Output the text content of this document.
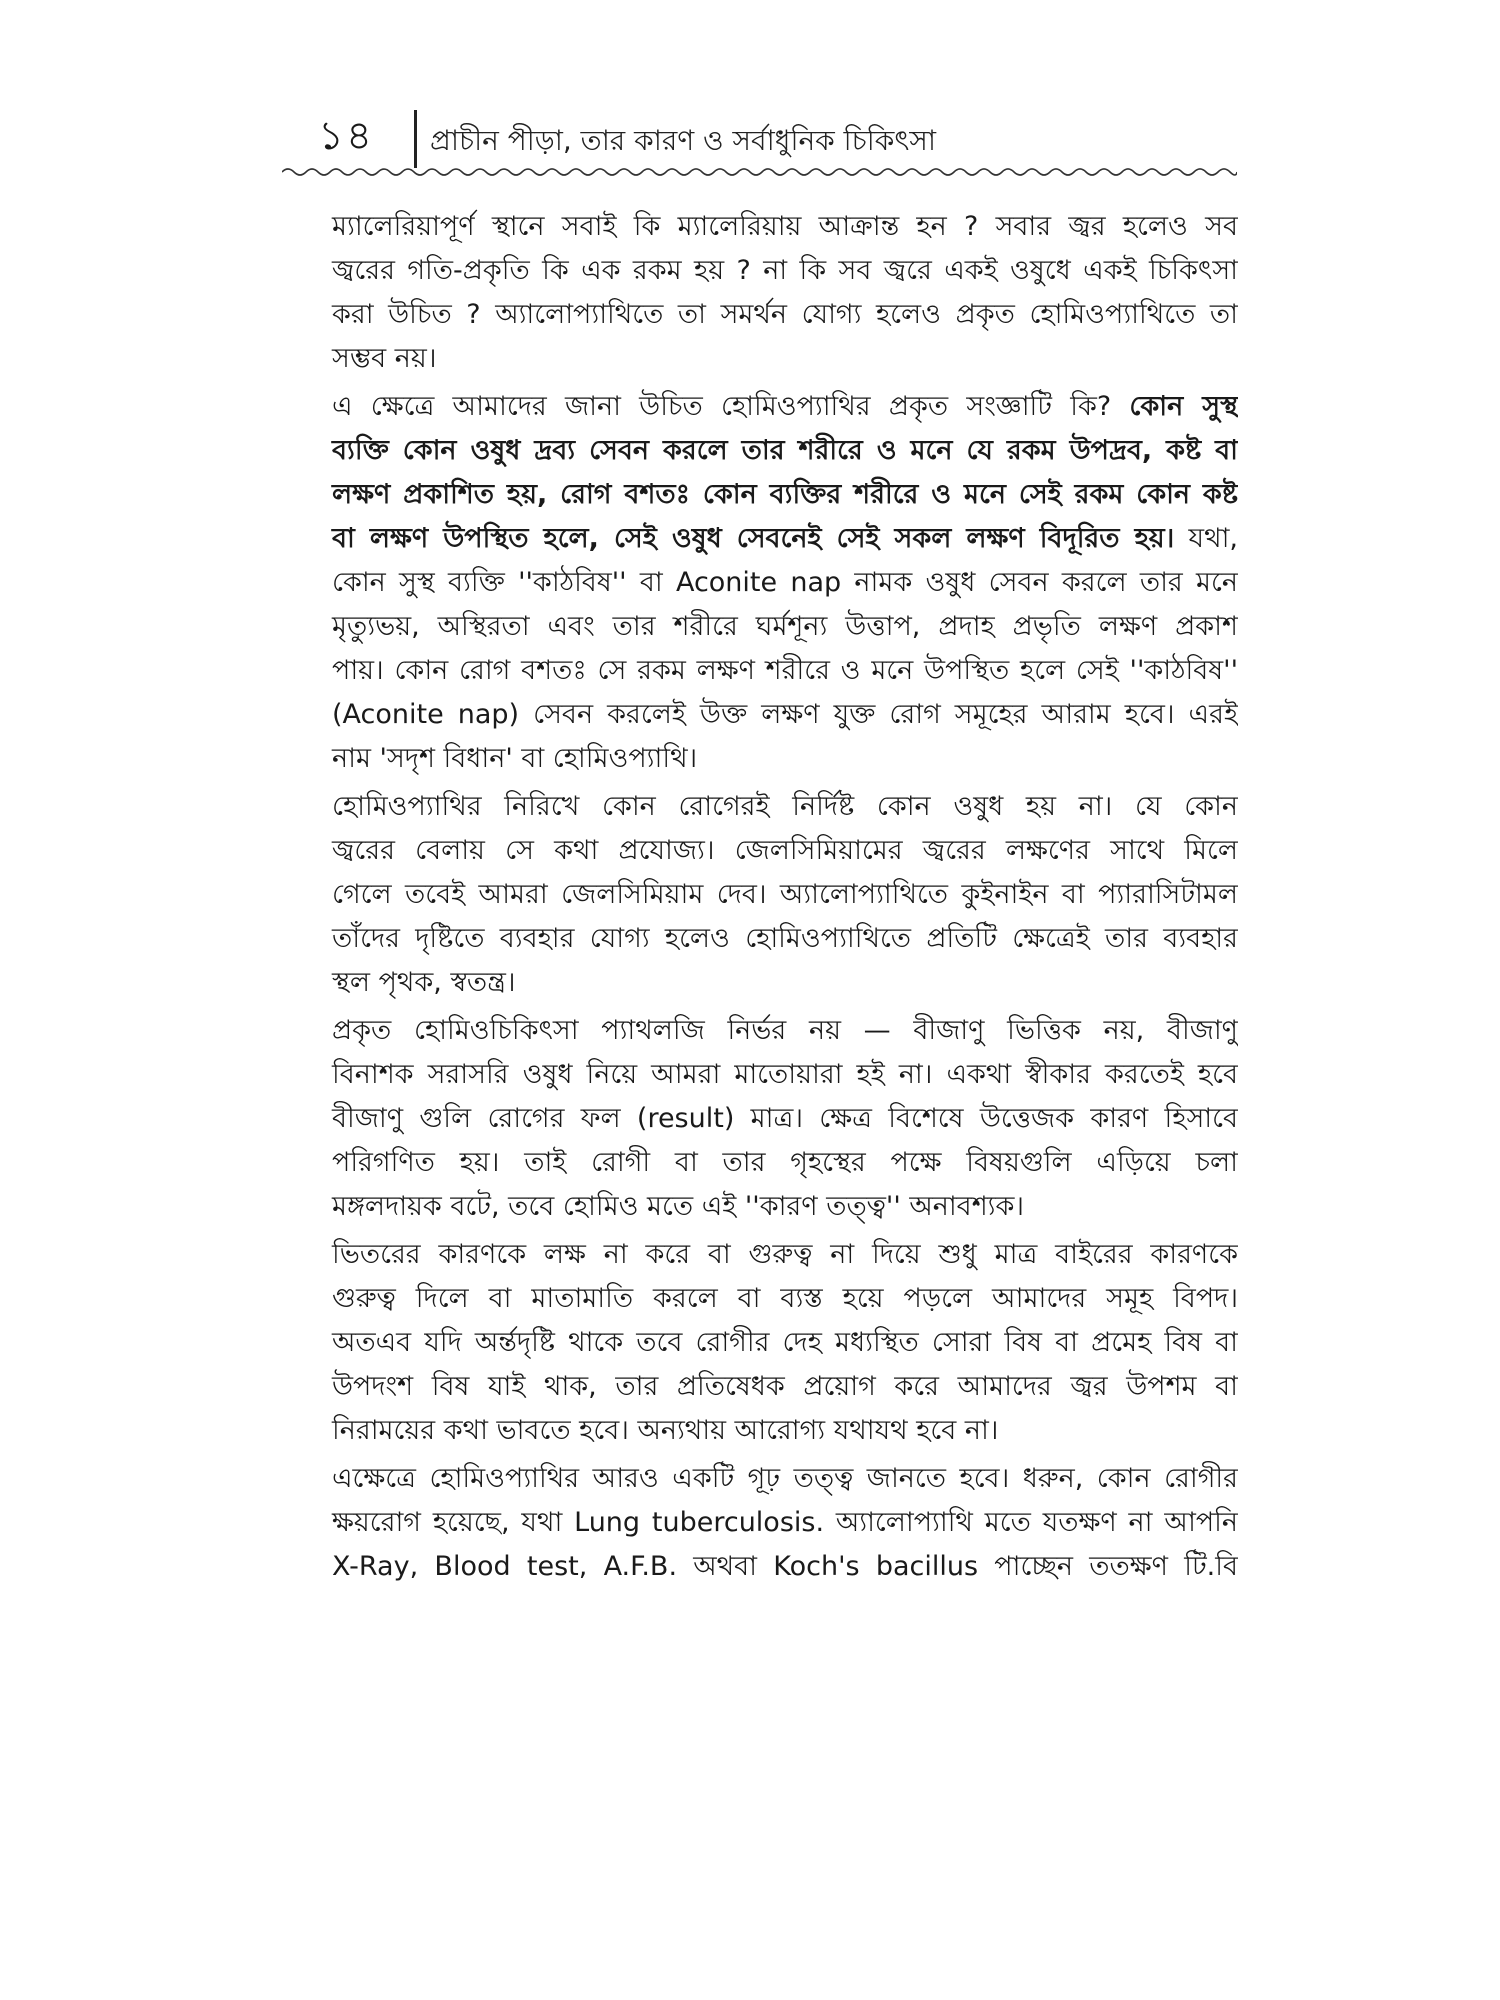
১৪ প্রাচীন পীড়া, তার কারণ ও সর্বাধুনিক চিকিৎসা

ম্যালেরিয়াপূর্ণ স্থানে সবাই কি ম্যালেরিয়ায় আক্রান্ত হন ? সবার জ্বর হলেও সব
জ্বরের গতি-প্রকৃতি কি এক রকম হয় ? না কি সব জ্বরে একই ওষুধে একই চিকিৎসা
করা উচিত ? অ্যালোপ্যাথিতে তা সমর্থন যোগ্য হলেও প্রকৃত হোমিওপ্যাথিতে তা
সম্ভব নয়।

এ ক্ষেত্রে আমাদের জানা উচিত হোমিওপ্যাথির প্রকৃত সংজ্ঞাটি কি? কোন সুস্থ
ব্যক্তি কোন ওষুধ দ্রব্য সেবন করলে তার শরীরে ও মনে যে রকম উপদ্রব, কষ্ট বা
লক্ষণ প্রকাশিত হয়, রোগ বশতঃ কোন ব্যক্তির শরীরে ও মনে সেই রকম কোন কষ্ট
বা লক্ষণ উপস্থিত হলে, সেই ওষুধ সেবনেই সেই সকল লক্ষণ বিদূরিত হয়। যথা,
কোন সুস্থ ব্যক্তি ''কাঠবিষ'' বা Aconite nap নামক ওষুধ সেবন করলে তার মনে
মৃত্যুভয়, অস্থিরতা এবং তার শরীরে ঘর্মশূন্য উত্তাপ, প্রদাহ প্রভৃতি লক্ষণ প্রকাশ
পায়। কোন রোগ বশতঃ সে রকম লক্ষণ শরীরে ও মনে উপস্থিত হলে সেই ''কাঠবিষ''
(Aconite nap) সেবন করলেই উক্ত লক্ষণ যুক্ত রোগ সমূহের আরাম হবে। এরই
নাম 'সদৃশ বিধান' বা হোমিওপ্যাথি।

হোমিওপ্যাথির নিরিখে কোন রোগেরই নির্দিষ্ট কোন ওষুধ হয় না। যে কোন
জ্বরের বেলায় সে কথা প্রযোজ্য। জেলসিমিয়ামের জ্বরের লক্ষণের সাথে মিলে
গেলে তবেই আমরা জেলসিমিয়াম দেব। অ্যালোপ্যাথিতে কুইনাইন বা প্যারাসিটামল
তাঁদের দৃষ্টিতে ব্যবহার যোগ্য হলেও হোমিওপ্যাথিতে প্রতিটি ক্ষেত্রেই তার ব্যবহার
স্থল পৃথক, স্বতন্ত্র।

প্রকৃত হোমিওচিকিৎসা প্যাথলজি নির্ভর নয় — বীজাণু ভিত্তিক নয়, বীজাণু
বিনাশক সরাসরি ওষুধ নিয়ে আমরা মাতোয়ারা হই না। একথা স্বীকার করতেই হবে
বীজাণু গুলি রোগের ফল (result) মাত্র। ক্ষেত্র বিশেষে উত্তেজক কারণ হিসাবে
পরিগণিত হয়। তাই রোগী বা তার গৃহস্থের পক্ষে বিষয়গুলি এড়িয়ে চলা
মঙ্গলদায়ক বটে, তবে হোমিও মতে এই ''কারণ তত্ত্ব'' অনাবশ্যক।

ভিতরের কারণকে লক্ষ না করে বা গুরুত্ব না দিয়ে শুধু মাত্র বাইরের কারণকে
গুরুত্ব দিলে বা মাতামাতি করলে বা ব্যস্ত হয়ে পড়লে আমাদের সমূহ বিপদ।
অতএব যদি অর্ন্তদৃষ্টি থাকে তবে রোগীর দেহ মধ্যস্থিত সোরা বিষ বা প্রমেহ বিষ বা
উপদংশ বিষ যাই থাক, তার প্রতিষেধক প্রয়োগ করে আমাদের জ্বর উপশম বা
নিরাময়ের কথা ভাবতে হবে। অন্যথায় আরোগ্য যথাযথ হবে না।

এক্ষেত্রে হোমিওপ্যাথির আরও একটি গূঢ় তত্ত্ব জানতে হবে। ধরুন, কোন রোগীর
ক্ষয়রোগ হয়েছে, যথা Lung tuberculosis. অ্যালোপ্যাথি মতে যতক্ষণ না আপনি
X-Ray, Blood test, A.F.B. অথবা Koch's bacillus পাচ্ছেন ততক্ষণ টি.বি
